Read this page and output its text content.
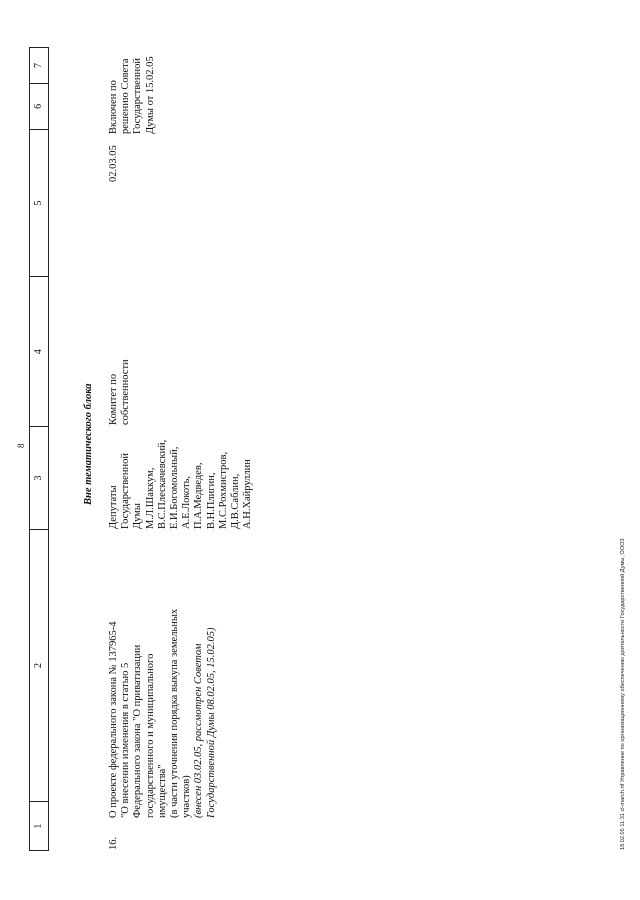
8
1
2
3
4
5
6
7
Вне тематического блока
16.
О проекте федерального закона № 137965-4 "О внесении изменения в статью 5 Федерального закона "О приватизации государственного и муниципального имущества" (в части уточнения порядка выкупа земельных участков) (внесен 03.02.05, рассмотрен Советом Государственной Думы 08.02.05, 15.02.05)
Депутаты Государственной Думы М.Л.Шаккум, В.С.Плескачевский, Е.И.Богомольный, А.Е.Локоть, П.А.Медведев, В.Н.Плигин, М.С.Рохмистров, Д.В.Саблин, А.Н.Хайруллин
Комитет по собственности
02.03.05
Включен по решению Совета Государственной Думы от 15.02.05
18.02.05 11:31 cl-march.rtf Управление по организационному обеспечению деятельности Государственной Думы, ООО3
